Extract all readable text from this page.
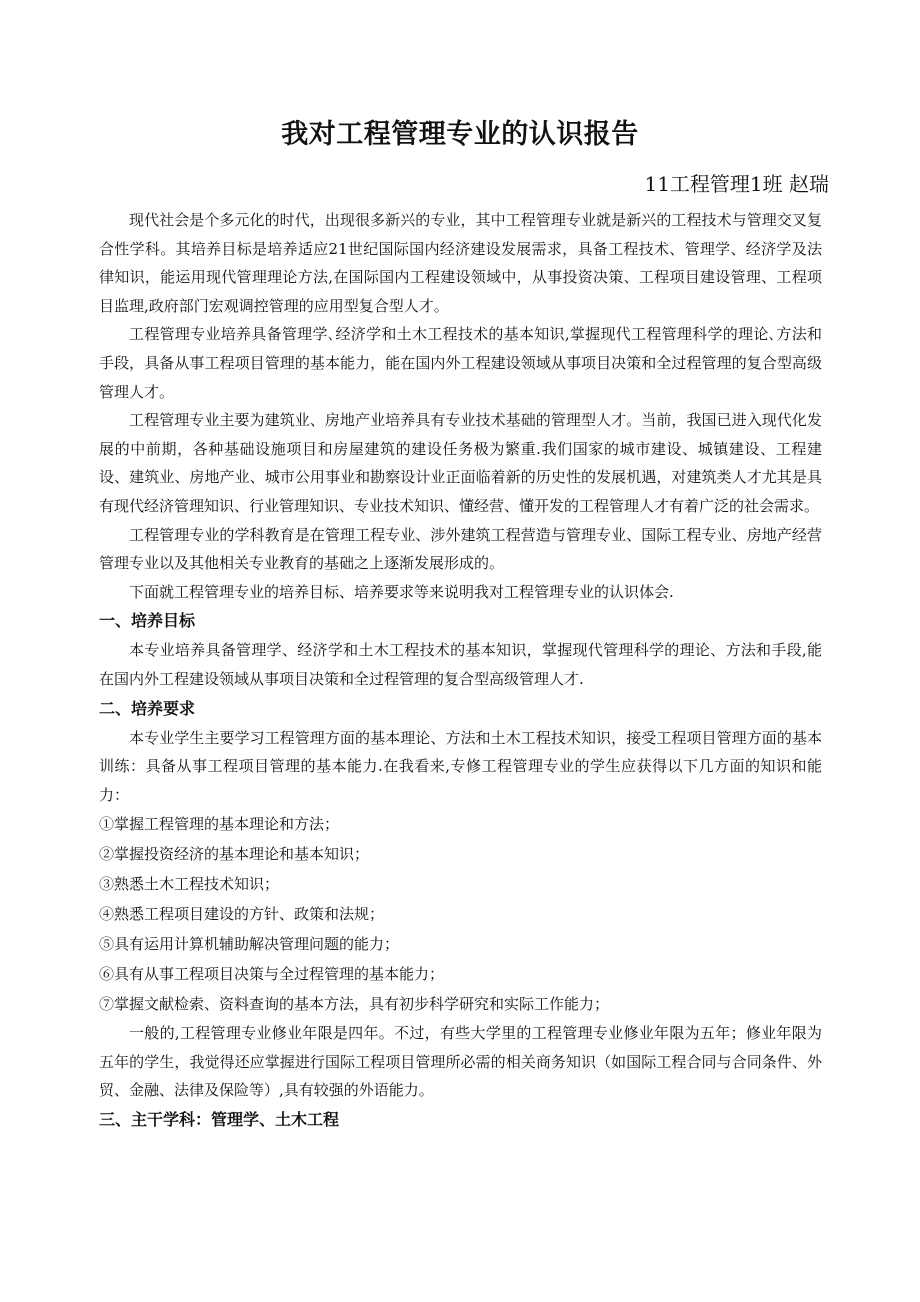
我对工程管理专业的认识报告

11工程管理1班 赵瑞

现代社会是个多元化的时代，出现很多新兴的专业，其中工程管理专业就是新兴的工程技术与管理交叉复合性学科。其培养目标是培养适应21世纪国际国内经济建设发展需求，具备工程技术、管理学、经济学及法律知识，能运用现代管理理论方法,在国际国内工程建设领域中，从事投资决策、工程项目建设管理、工程项目监理,政府部门宏观调控管理的应用型复合型人才。

工程管理专业培养具备管理学､经济学和土木工程技术的基本知识,掌握现代工程管理科学的理论､方法和手段，具备从事工程项目管理的基本能力，能在国内外工程建设领域从事项目决策和全过程管理的复合型高级管理人才。

工程管理专业主要为建筑业、房地产业培养具有专业技术基础的管理型人才。当前，我国已进入现代化发展的中前期，各种基础设施项目和房屋建筑的建设任务极为繁重.我们国家的城市建设、城镇建设、工程建设、建筑业、房地产业、城市公用事业和勘察设计业正面临着新的历史性的发展机遇，对建筑类人才尤其是具有现代经济管理知识、行业管理知识、专业技术知识、懂经营、懂开发的工程管理人才有着广泛的社会需求。

工程管理专业的学科教育是在管理工程专业、涉外建筑工程营造与管理专业、国际工程专业、房地产经营管理专业以及其他相关专业教育的基础之上逐渐发展形成的。

下面就工程管理专业的培养目标、培养要求等来说明我对工程管理专业的认识体会.

一、培养目标

本专业培养具备管理学、经济学和土木工程技术的基本知识，掌握现代管理科学的理论、方法和手段,能在国内外工程建设领域从事项目决策和全过程管理的复合型高级管理人才.

二、培养要求

本专业学生主要学习工程管理方面的基本理论、方法和土木工程技术知识，接受工程项目管理方面的基本训练：具备从事工程项目管理的基本能力.在我看来,专修工程管理专业的学生应获得以下几方面的知识和能力：

①掌握工程管理的基本理论和方法；
②掌握投资经济的基本理论和基本知识；
③熟悉土木工程技术知识；
④熟悉工程项目建设的方针、政策和法规；
⑤具有运用计算机辅助解决管理问题的能力；
⑥具有从事工程项目决策与全过程管理的基本能力；
⑦掌握文献检索、资料查询的基本方法，具有初步科学研究和实际工作能力；

一般的,工程管理专业修业年限是四年。不过，有些大学里的工程管理专业修业年限为五年；修业年限为五年的学生，我觉得还应掌握进行国际工程项目管理所必需的相关商务知识（如国际工程合同与合同条件、外贸、金融、法律及保险等）,具有较强的外语能力。

三、主干学科：管理学、土木工程
